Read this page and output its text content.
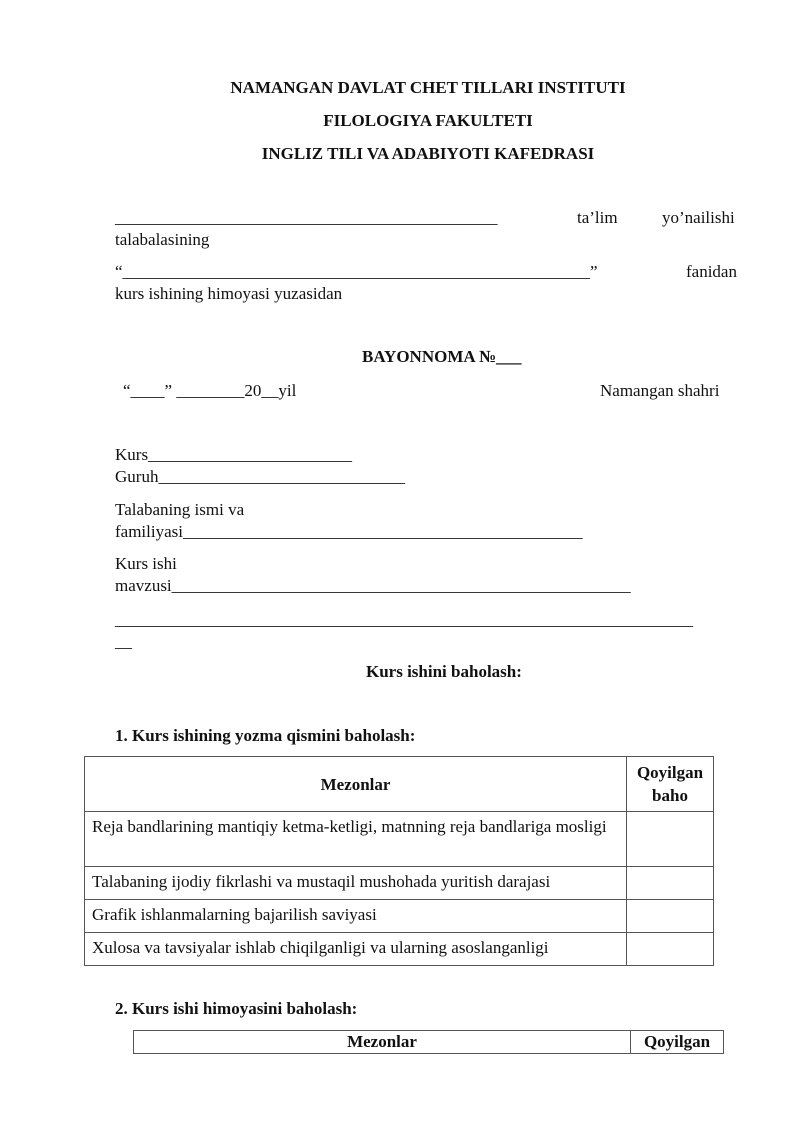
NAMANGAN DAVLAT CHET TILLARI INSTITUTI
FILOLOGIYA FAKULTETI
INGLIZ TILI VA ADABIYOTI KAFEDRASI
_____________________________________________	ta’lim	yo’nailishi
talabalasining
“_______________________________________________________”	fanidan
kurs ishining himoyasi yuzasidan
BAYONNOMA №___
“____” ________20__yil	Namangan shahri
Kurs________________________
Guruh_____________________________
Talabaning ismi va
familiyasi_______________________________________________
Kurs ishi
mavzusi______________________________________________________
____________________________________________________________________
__
Kurs ishini baholash:
1. Kurs ishining yozma qismini baholash:
Mezonlar	Qoyilgan baho
Reja bandlarining mantiqiy ketma-ketligi, matnning reja bandlariga mosligi	
Talabaning ijodiy fikrlashi va mustaqil mushohada yuritish darajasi	
Grafik ishlanmalarning bajarilish saviyasi	
Xulosa va tavsiyalar ishlab chiqilganligi va ularning asoslanganligi	
2. Kurs ishi himoyasini baholash:
Mezonlar	Qoyilgan
